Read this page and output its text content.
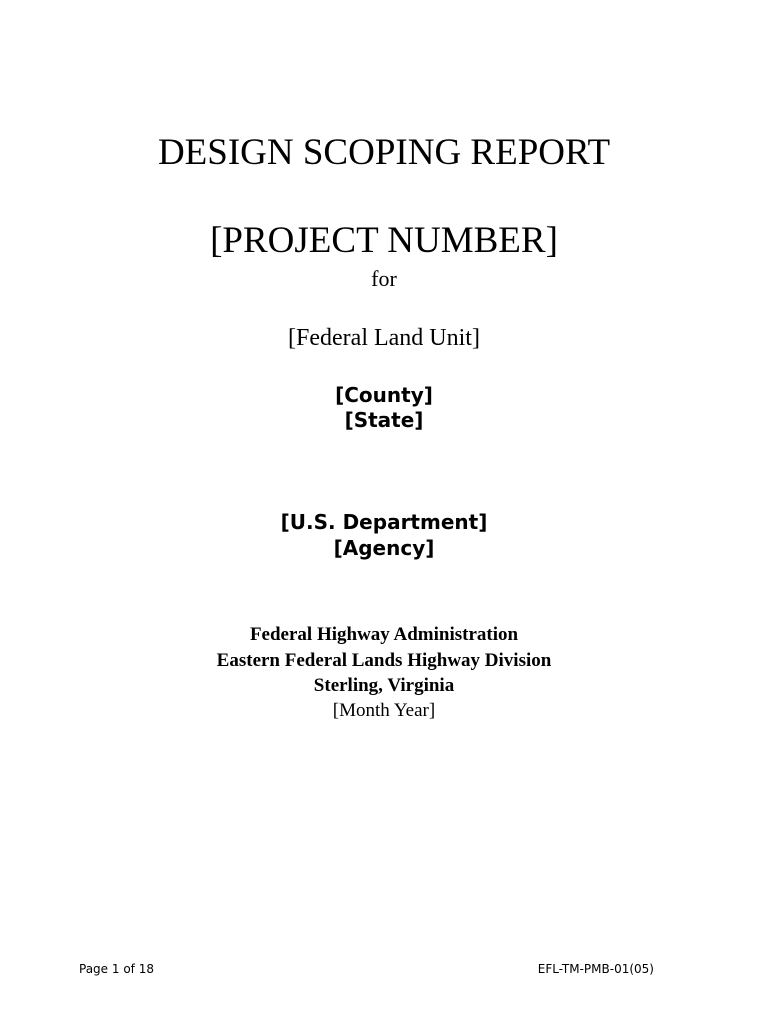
DESIGN SCOPING REPORT
[PROJECT NUMBER]
for
[Federal Land Unit]
[County]
[State]
[U.S. Department]
[Agency]
Federal Highway Administration
Eastern Federal Lands Highway Division
Sterling, Virginia
[Month Year]
Page 1 of 18	EFL-TM-PMB-01(05)
